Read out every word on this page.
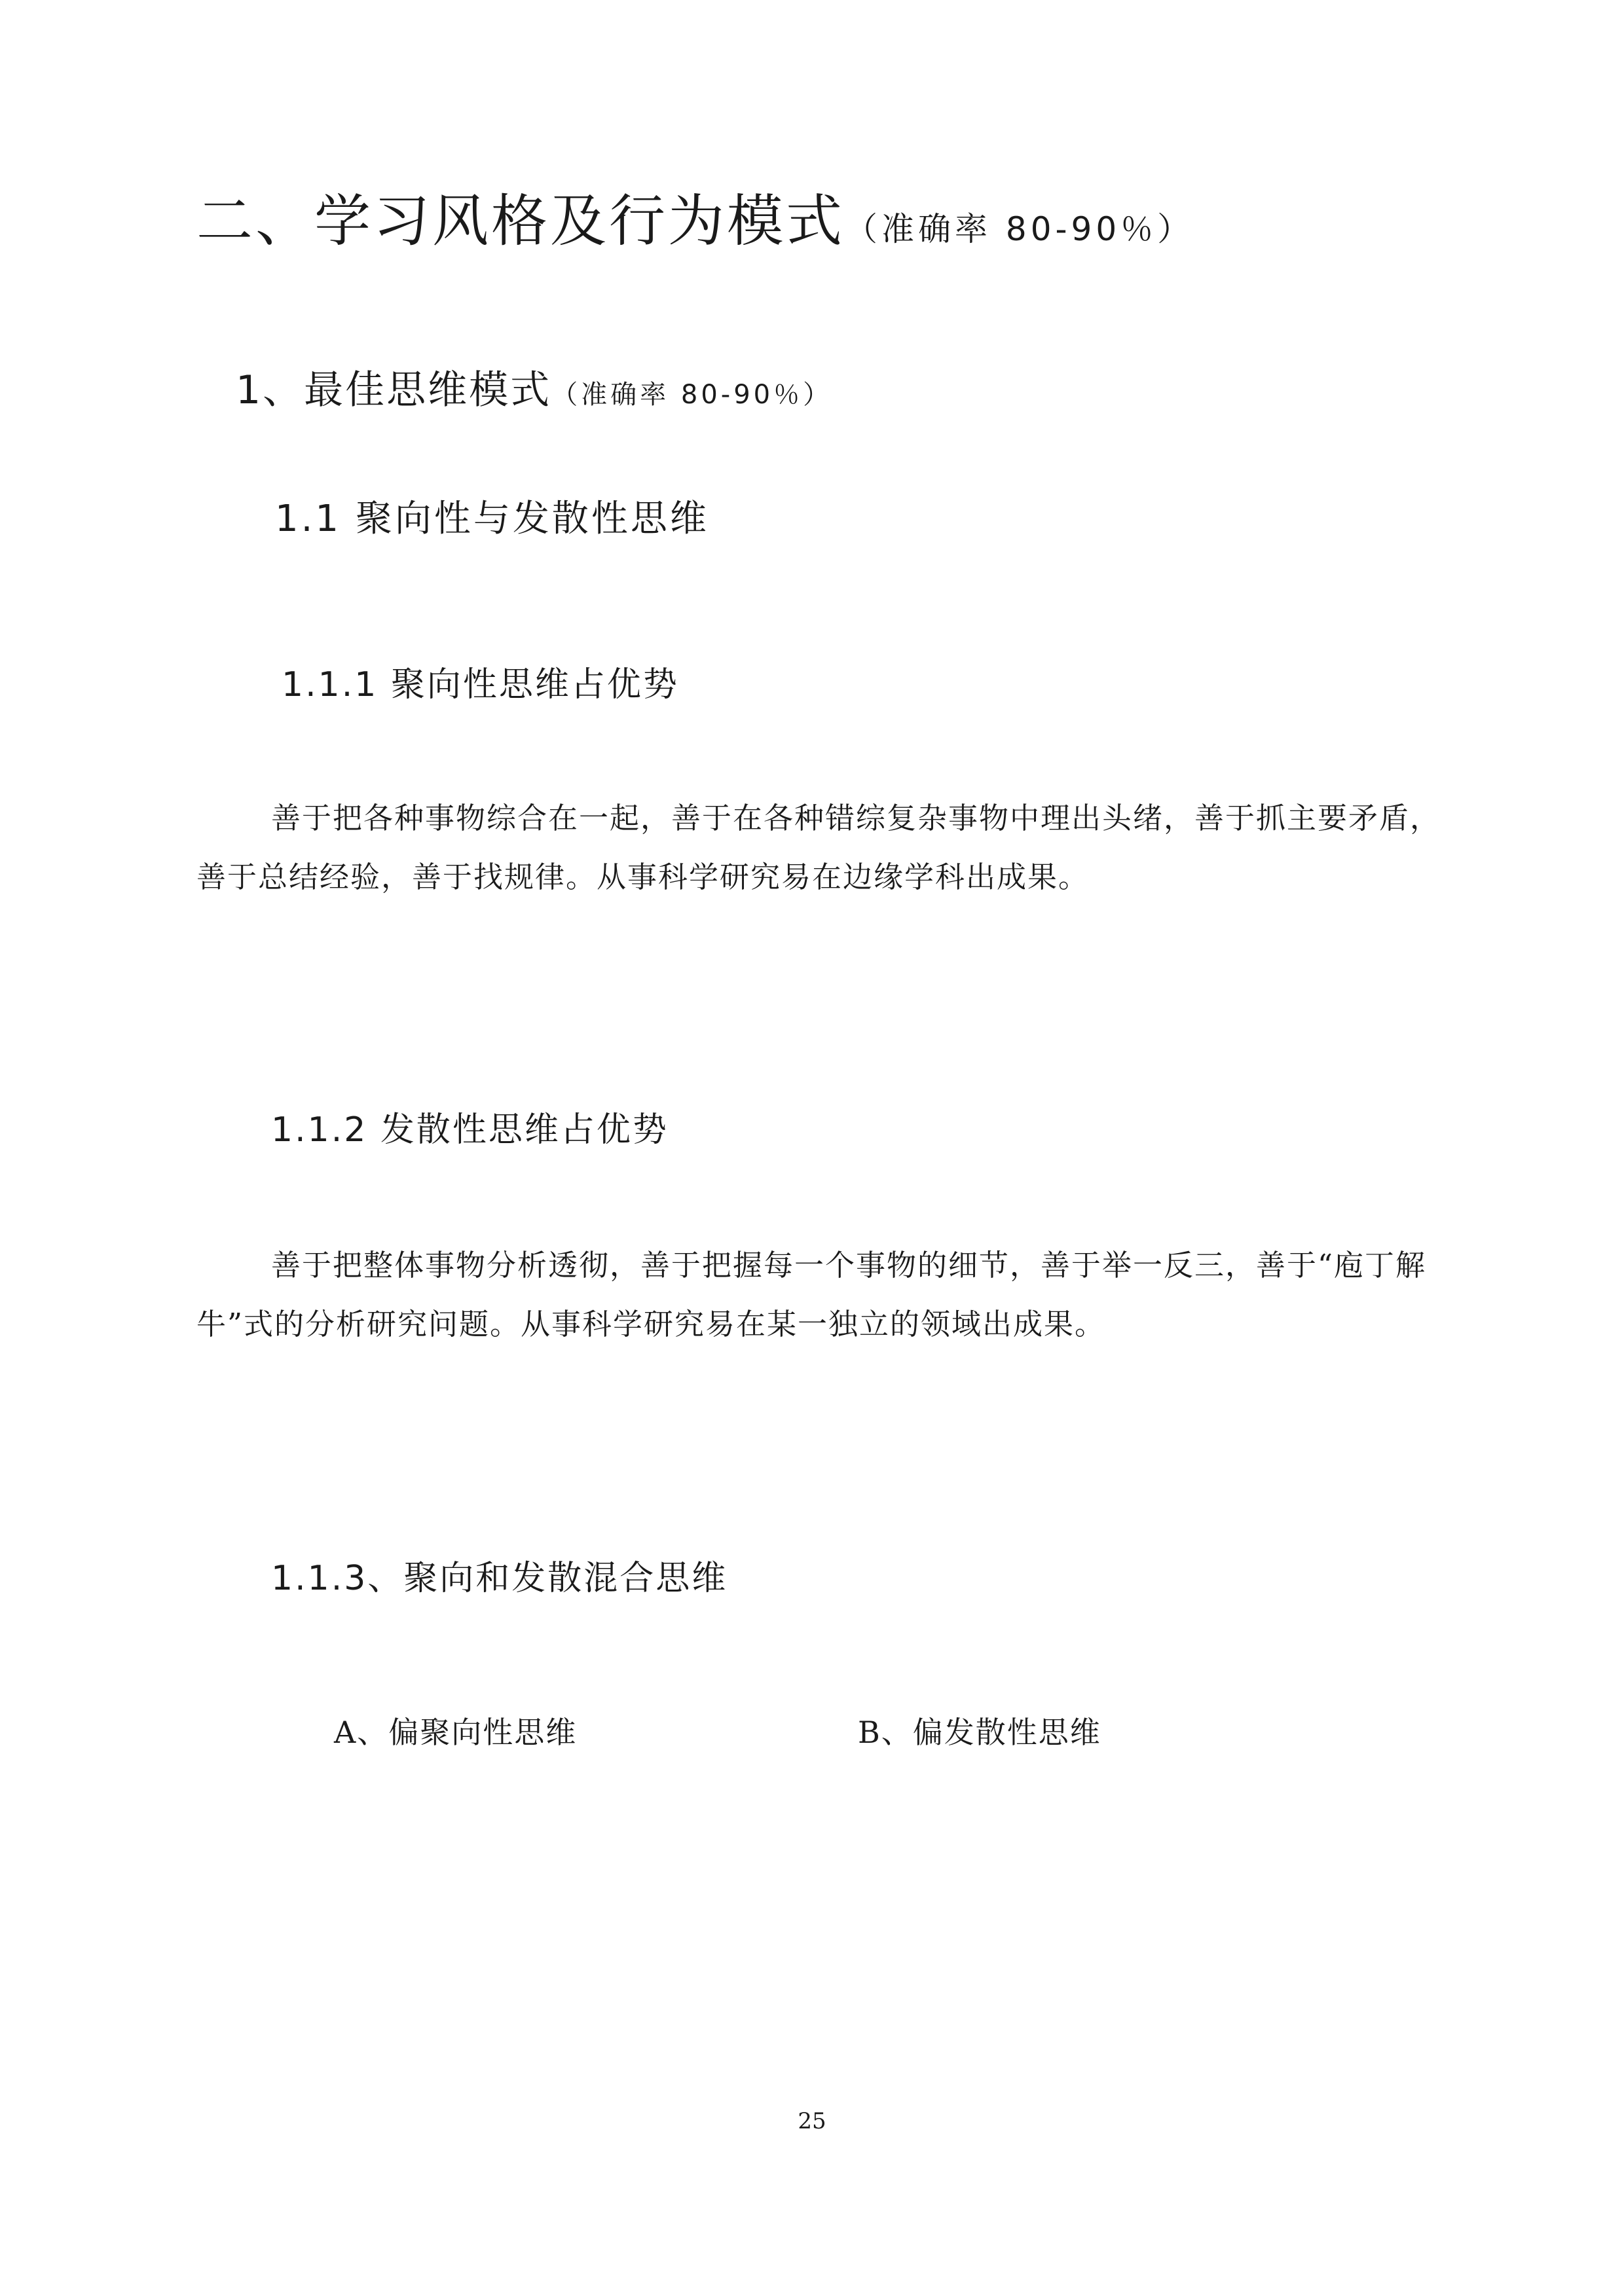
二、学习风格及行为模式（准确率 80-90％）
1、最佳思维模式（准确率 80-90％）
1.1 聚向性与发散性思维
1.1.1 聚向性思维占优势

善于把各种事物综合在一起，善于在各种错综复杂事物中理出头绪，善于抓主要矛盾，善于总结经验，善于找规律。从事科学研究易在边缘学科出成果。

1.1.2 发散性思维占优势

善于把整体事物分析透彻，善于把握每一个事物的细节，善于举一反三，善于“庖丁解牛”式的分析研究问题。从事科学研究易在某一独立的领域出成果。

1.1.3、聚向和发散混合思维
A、偏聚向性思维	B、偏发散性思维
25
